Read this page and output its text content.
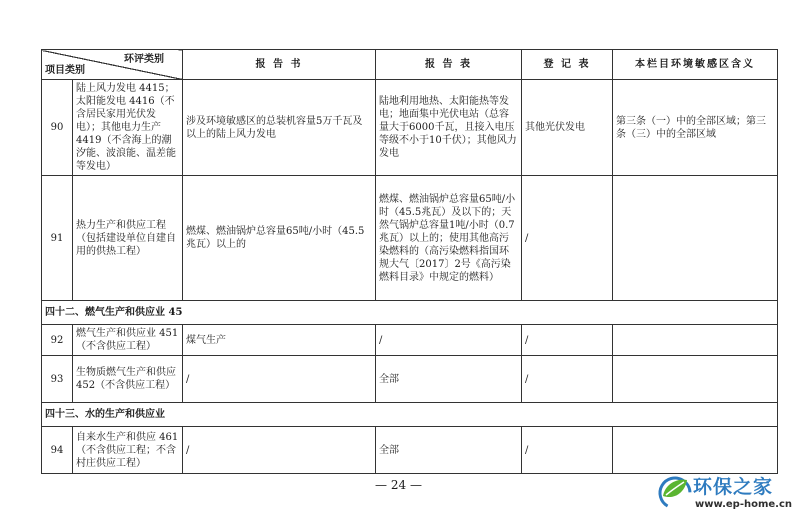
环评类别
项目类别		报 告 书	报 告 表	登 记 表	本栏目环境敏感区含义
90	陆上风力发电 4415；太阳能发电 4416（不含居民家用光伏发电）；其他电力生产 4419（不含海上的潮汐能、波浪能、温差能等发电）	涉及环境敏感区的总装机容量5万千瓦及以上的陆上风力发电	陆地利用地热、太阳能热等发电；地面集中光伏电站（总容量大于6000千瓦，且接入电压等级不小于10千伏）；其他风力发电	其他光伏发电	第三条（一）中的全部区域；第三条（三）中的全部区域
91	热力生产和供应工程（包括建设单位自建自用的供热工程）	燃煤、燃油锅炉总容量65吨/小时（45.5兆瓦）以上的	燃煤、燃油锅炉总容量65吨/小时（45.5兆瓦）及以下的；天然气锅炉总容量1吨/小时（0.7兆瓦）以上的；使用其他高污染燃料的（高污染燃料指国环规大气〔2017〕2号《高污染燃料目录》中规定的燃料）	/	
四十二、燃气生产和供应业 45					
92	燃气生产和供应业 451（不含供应工程）	煤气生产	/	/	
93	生物质燃气生产和供应 452（不含供应工程）	/	全部	/	
四十三、水的生产和供应业					
94	自来水生产和供应 461（不含供应工程；不含村庄供应工程）	/	全部	/	
— 24 —	环保之家
www.ep-home.cn
